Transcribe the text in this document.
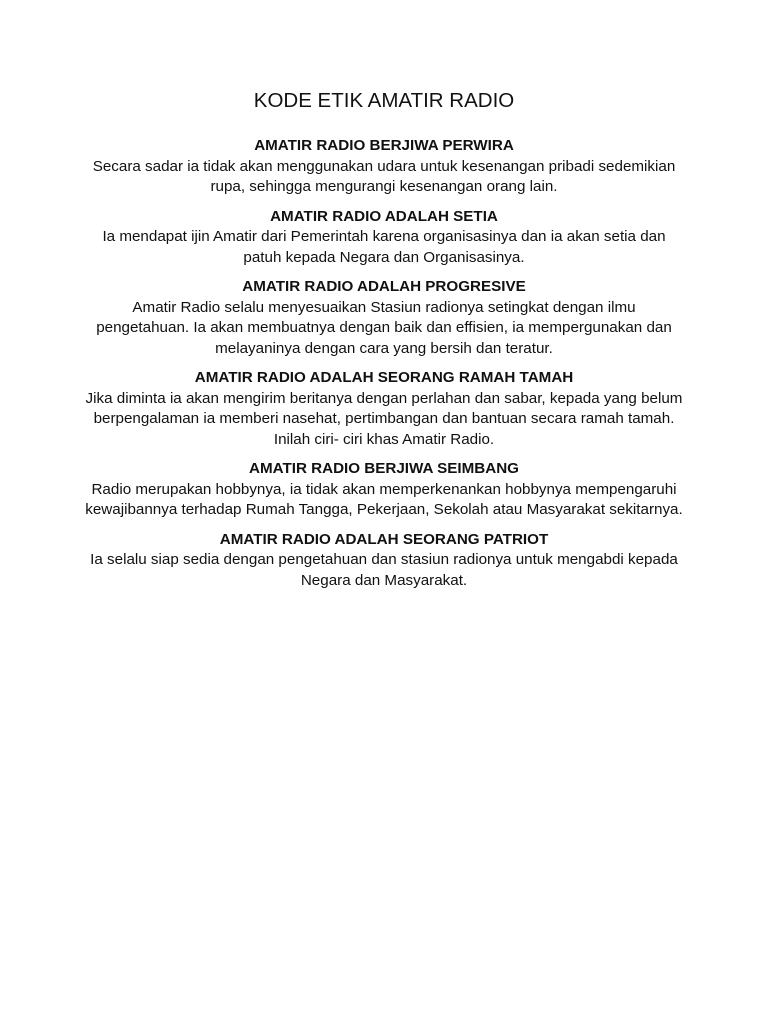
KODE ETIK AMATIR RADIO

AMATIR RADIO BERJIWA PERWIRA

Secara sadar ia tidak akan menggunakan udara untuk kesenangan pribadi sedemikian rupa, sehingga mengurangi kesenangan orang lain.

AMATIR RADIO ADALAH SETIA

Ia mendapat ijin Amatir dari Pemerintah karena organisasinya dan ia akan setia dan patuh kepada Negara dan Organisasinya.

AMATIR RADIO ADALAH PROGRESIVE

Amatir Radio selalu menyesuaikan Stasiun radionya setingkat dengan ilmu pengetahuan. Ia akan membuatnya dengan baik dan effisien, ia mempergunakan dan melayaninya dengan cara yang bersih dan teratur.

AMATIR RADIO ADALAH SEORANG RAMAH TAMAH

Jika diminta ia akan mengirim beritanya dengan perlahan dan sabar, kepada yang belum berpengalaman ia memberi nasehat, pertimbangan dan bantuan secara ramah tamah.

Inilah ciri- ciri khas Amatir Radio.

AMATIR RADIO BERJIWA SEIMBANG

Radio merupakan hobbynya, ia tidak akan memperkenankan hobbynya mempengaruhi kewajibannya terhadap Rumah Tangga, Pekerjaan, Sekolah atau Masyarakat sekitarnya.

AMATIR RADIO ADALAH SEORANG PATRIOT

Ia selalu siap sedia dengan pengetahuan dan stasiun radionya untuk mengabdi kepada Negara dan Masyarakat.
